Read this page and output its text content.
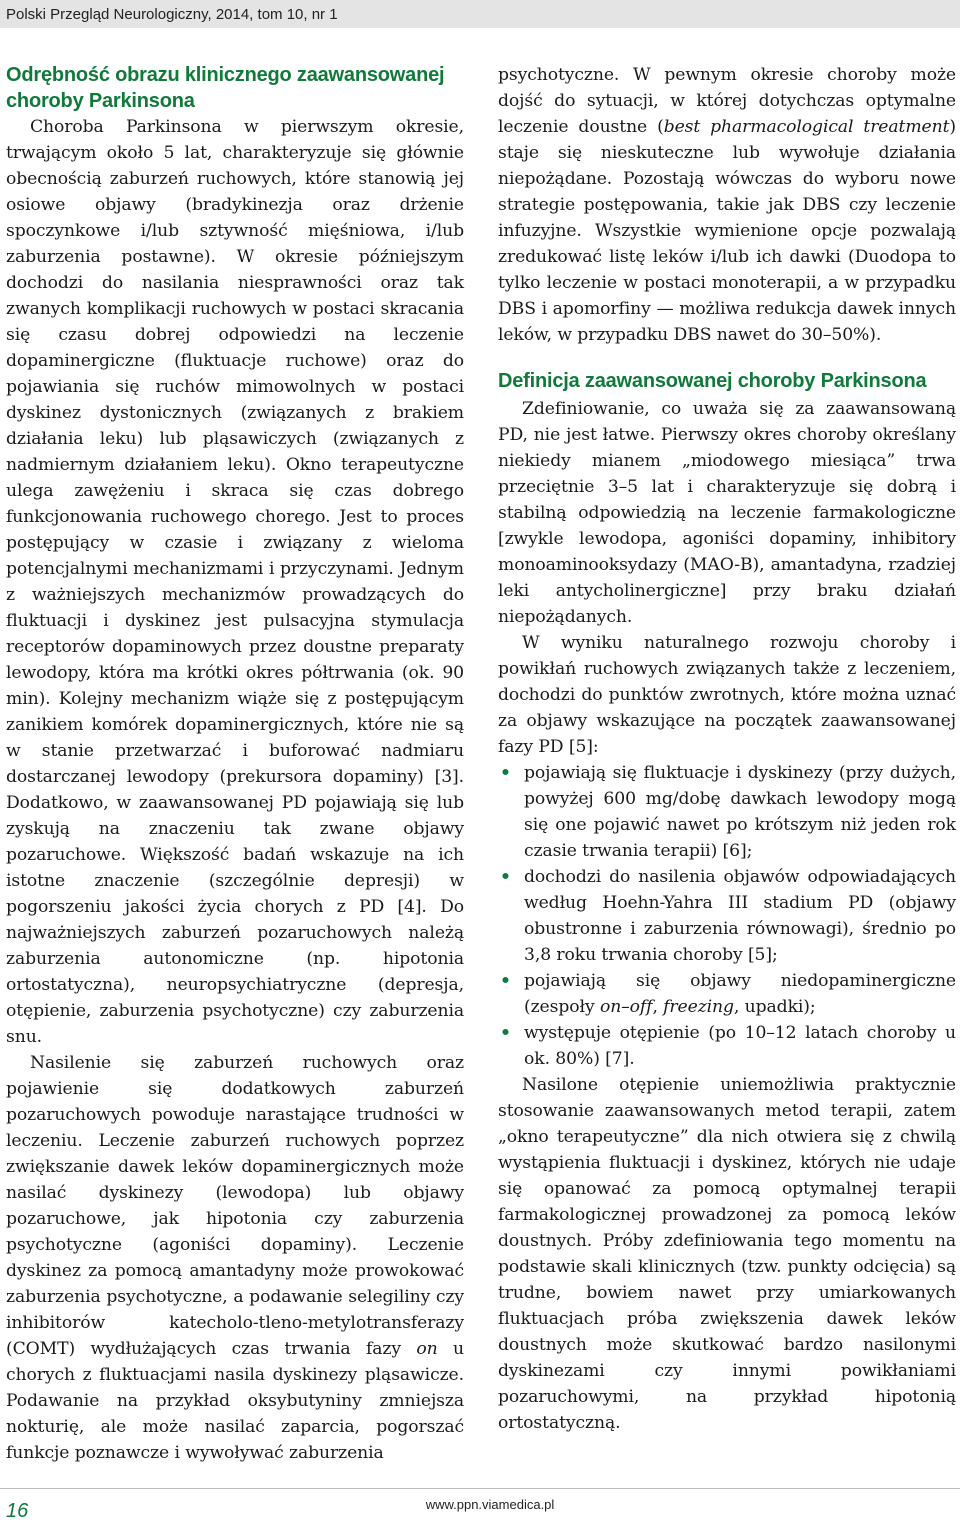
Polski Przegląd Neurologiczny, 2014, tom 10, nr 1
Odrębność obrazu klinicznego zaawansowanej choroby Parkinsona

Choroba Parkinsona w pierwszym okresie, trwającym około 5 lat, charakteryzuje się głównie obecnością zaburzeń ruchowych, które stanowią jej osiowe objawy (bradykinezja oraz drżenie spoczynkowe i/lub sztywność mięśniowa, i/lub zaburzenia postawne). W okresie późniejszym dochodzi do nasilania niesprawności oraz tak zwanych komplikacji ruchowych w postaci skracania się czasu dobrej odpowiedzi na leczenie dopaminergiczne (fluktuacje ruchowe) oraz do pojawiania się ruchów mimowolnych w postaci dyskinez dystonicznych (związanych z brakiem działania leku) lub pląsawiczych (związanych z nadmiernym działaniem leku). Okno terapeutyczne ulega zawężeniu i skraca się czas dobrego funkcjonowania ruchowego chorego. Jest to proces postępujący w czasie i związany z wieloma potencjalnymi mechanizmami i przyczynami. Jednym z ważniejszych mechanizmów prowadzących do fluktuacji i dyskinez jest pulsacyjna stymulacja receptorów dopaminowych przez doustne preparaty lewodopy, która ma krótki okres półtrwania (ok. 90 min). Kolejny mechanizm wiąże się z postępującym zanikiem komórek dopaminergicznych, które nie są w stanie przetwarzać i buforować nadmiaru dostarczanej lewodopy (prekursora dopaminy) [3]. Dodatkowo, w zaawansowanej PD pojawiają się lub zyskują na znaczeniu tak zwane objawy pozaruchowe. Większość badań wskazuje na ich istotne znaczenie (szczególnie depresji) w pogorszeniu jakości życia chorych z PD [4]. Do najważniejszych zaburzeń pozaruchowych należą zaburzenia autonomiczne (np. hipotonia ortostatyczna), neuropsychiatryczne (depresja, otępienie, zaburzenia psychotyczne) czy zaburzenia snu.

Nasilenie się zaburzeń ruchowych oraz pojawienie się dodatkowych zaburzeń pozaruchowych powoduje narastające trudności w leczeniu. Leczenie zaburzeń ruchowych poprzez zwiększanie dawek leków dopaminergicznych może nasilać dyskinezy (lewodopa) lub objawy pozaruchowe, jak hipotonia czy zaburzenia psychotyczne (agoniści dopaminy). Leczenie dyskinez za pomocą amantadyny może prowokować zaburzenia psychotyczne, a podawanie selegiliny czy inhibitorów katecholo-tleno-metylotransferazy (COMT) wydłużających czas trwania fazy on u chorych z fluktuacjami nasila dyskinezy pląsawicze. Podawanie na przykład oksybutyniny zmniejsza nokturię, ale może nasilać zaparcia, pogorszać funkcje poznawcze i wywoływać zaburzenia

psychotyczne. W pewnym okresie choroby może dojść do sytuacji, w której dotychczas optymalne leczenie doustne (best pharmacological treatment) staje się nieskuteczne lub wywołuje działania niepożądane. Pozostają wówczas do wyboru nowe strategie postępowania, takie jak DBS czy leczenie infuzyjne. Wszystkie wymienione opcje pozwalają zredukować listę leków i/lub ich dawki (Duodopa to tylko leczenie w postaci monoterapii, a w przypadku DBS i apomorfiny — możliwa redukcja dawek innych leków, w przypadku DBS nawet do 30–50%).

Definicja zaawansowanej choroby Parkinsona

Zdefiniowanie, co uważa się za zaawansowaną PD, nie jest łatwe. Pierwszy okres choroby określany niekiedy mianem „miodowego miesiąca” trwa przeciętnie 3–5 lat i charakteryzuje się dobrą i stabilną odpowiedzią na leczenie farmakologiczne [zwykle lewodopa, agoniści dopaminy, inhibitory monoaminooksydazy (MAO-B), amantadyna, rzadziej leki antycholinergiczne] przy braku działań niepożądanych.

W wyniku naturalnego rozwoju choroby i powikłań ruchowych związanych także z leczeniem, dochodzi do punktów zwrotnych, które można uznać za objawy wskazujące na początek zaawansowanej fazy PD [5]:

• pojawiają się fluktuacje i dyskinezy (przy dużych, powyżej 600 mg/dobę dawkach lewodopy mogą się one pojawić nawet po krótszym niż jeden rok czasie trwania terapii) [6];
• dochodzi do nasilenia objawów odpowiadających według Hoehn-Yahra III stadium PD (objawy obustronne i zaburzenia równowagi), średnio po 3,8 roku trwania choroby [5];
• pojawiają się objawy niedopaminergiczne (zespoły on–off, freezing, upadki);
• występuje otępienie (po 10–12 latach choroby u ok. 80%) [7].

Nasilone otępienie uniemożliwia praktycznie stosowanie zaawansowanych metod terapii, zatem „okno terapeutyczne” dla nich otwiera się z chwilą wystąpienia fluktuacji i dyskinez, których nie udaje się opanować za pomocą optymalnej terapii farmakologicznej prowadzonej za pomocą leków doustnych. Próby zdefiniowania tego momentu na podstawie skali klinicznych (tzw. punkty odcięcia) są trudne, bowiem nawet przy umiarkowanych fluktuacjach próba zwiększenia dawek leków doustnych może skutkować bardzo nasilonymi dyskinezami czy innymi powikłaniami pozaruchowymi, na przykład hipotonią ortostatyczną.

16	www.ppn.viamedica.pl
